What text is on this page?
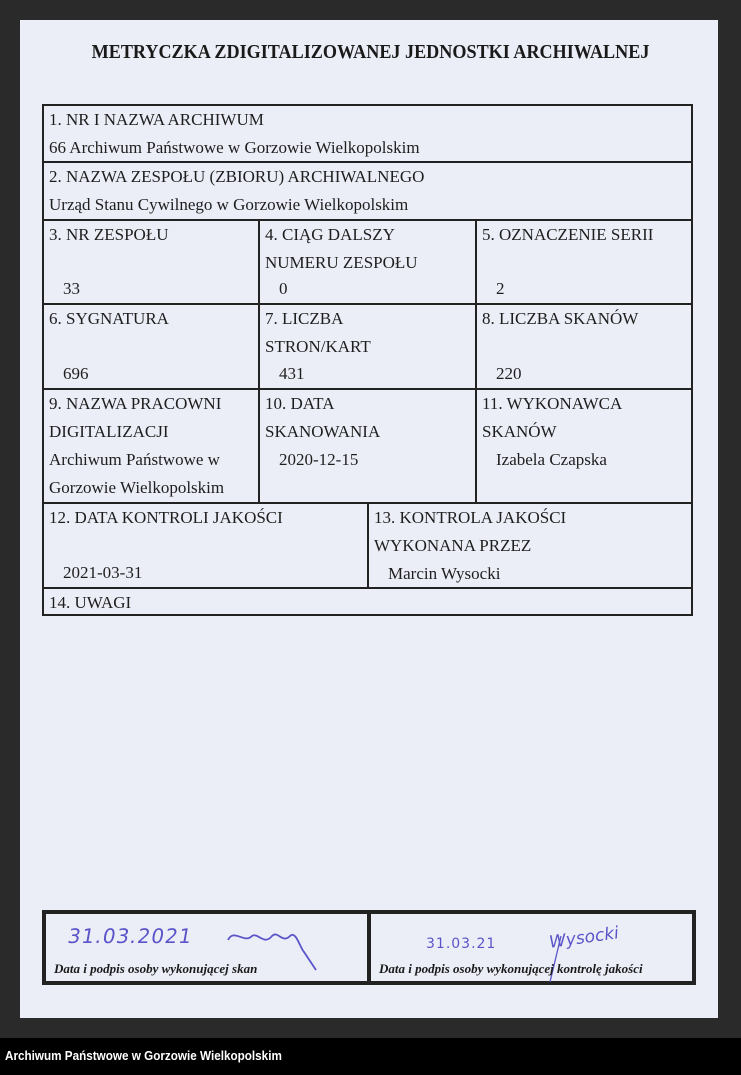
METRYCZKA ZDIGITALIZOWANEJ JEDNOSTKI ARCHIWALNEJ
1. NR I NAZWA ARCHIWUM
66 Archiwum Państwowe w Gorzowie Wielkopolskim
2. NAZWA ZESPOŁU (ZBIORU) ARCHIWALNEGO
Urząd Stanu Cywilnego w Gorzowie Wielkopolskim
3. NR ZESPOŁU
33
4. CIĄG DALSZY
NUMERU ZESPOŁU
0
5. OZNACZENIE SERII
2
6. SYGNATURA
696
7. LICZBA
STRON/KART
431
8. LICZBA SKANÓW
220
9. NAZWA PRACOWNI
DIGITALIZACJI
Archiwum Państwowe w
Gorzowie Wielkopolskim
10. DATA
SKANOWANIA
2020-12-15
11. WYKONAWCA
SKANÓW
Izabela Czapska
12. DATA KONTROLI JAKOŚCI
2021-03-31
13. KONTROLA JAKOŚCI
WYKONANA PRZEZ
Marcin Wysocki
14. UWAGI
31.03.2021
Data i podpis osoby wykonującej skan
31.03.21	Wysocki
Data i podpis osoby wykonującej kontrolę jakości
Archiwum Państwowe w Gorzowie Wielkopolskim
